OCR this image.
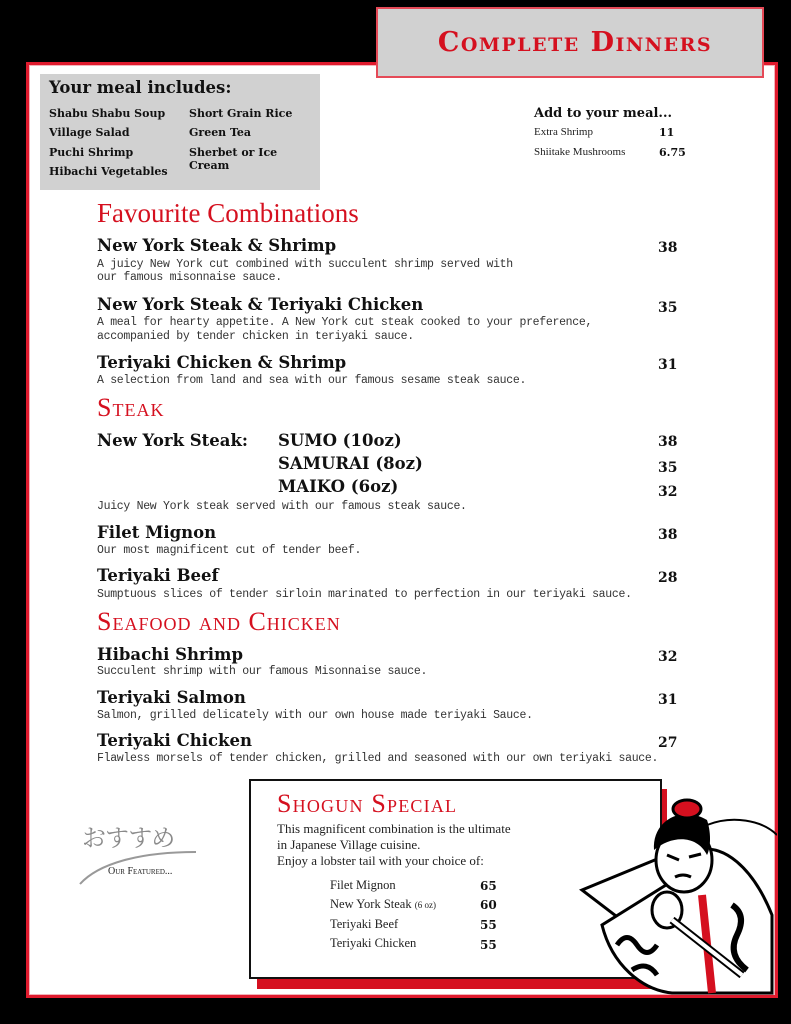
Complete Dinners
Your meal includes:
Shabu Shabu Soup
Village Salad
Puchi Shrimp
Hibachi Vegetables
Short Grain Rice
Green Tea
Sherbet or Ice Cream
Add to your meal...
Extra Shrimp	11
Shiitake Mushrooms	6.75
Favourite Combinations
New York Steak & Shrimp	38
A juicy New York cut combined with succulent shrimp served with
our famous misonnaise sauce.
New York Steak & Teriyaki Chicken	35
A meal for hearty appetite. A New York cut steak cooked to your preference,
accompanied by tender chicken in teriyaki sauce.
Teriyaki Chicken & Shrimp	31
A selection from land and sea with our famous sesame steak sauce.
Steak
New York Steak: SUMO (10oz)	38
SAMURAI (8oz)	35
MAIKO (6oz)	32
Juicy New York steak served with our famous steak sauce.
Filet Mignon	38
Our most magnificent cut of tender beef.
Teriyaki Beef	28
Sumptuous slices of tender sirloin marinated to perfection in our teriyaki sauce.
Seafood and Chicken
Hibachi Shrimp	32
Succulent shrimp with our famous Misonnaise sauce.
Teriyaki Salmon	31
Salmon, grilled delicately with our own house made teriyaki Sauce.
Teriyaki Chicken	27
Flawless morsels of tender chicken, grilled and seasoned with our own teriyaki sauce.
おすすめ
Our Featured...
Shogun Special
This magnificent combination is the ultimate
in Japanese Village cuisine.
Enjoy a lobster tail with your choice of:
Filet Mignon	65
New York Steak (6 oz)	60
Teriyaki Beef	55
Teriyaki Chicken	55
